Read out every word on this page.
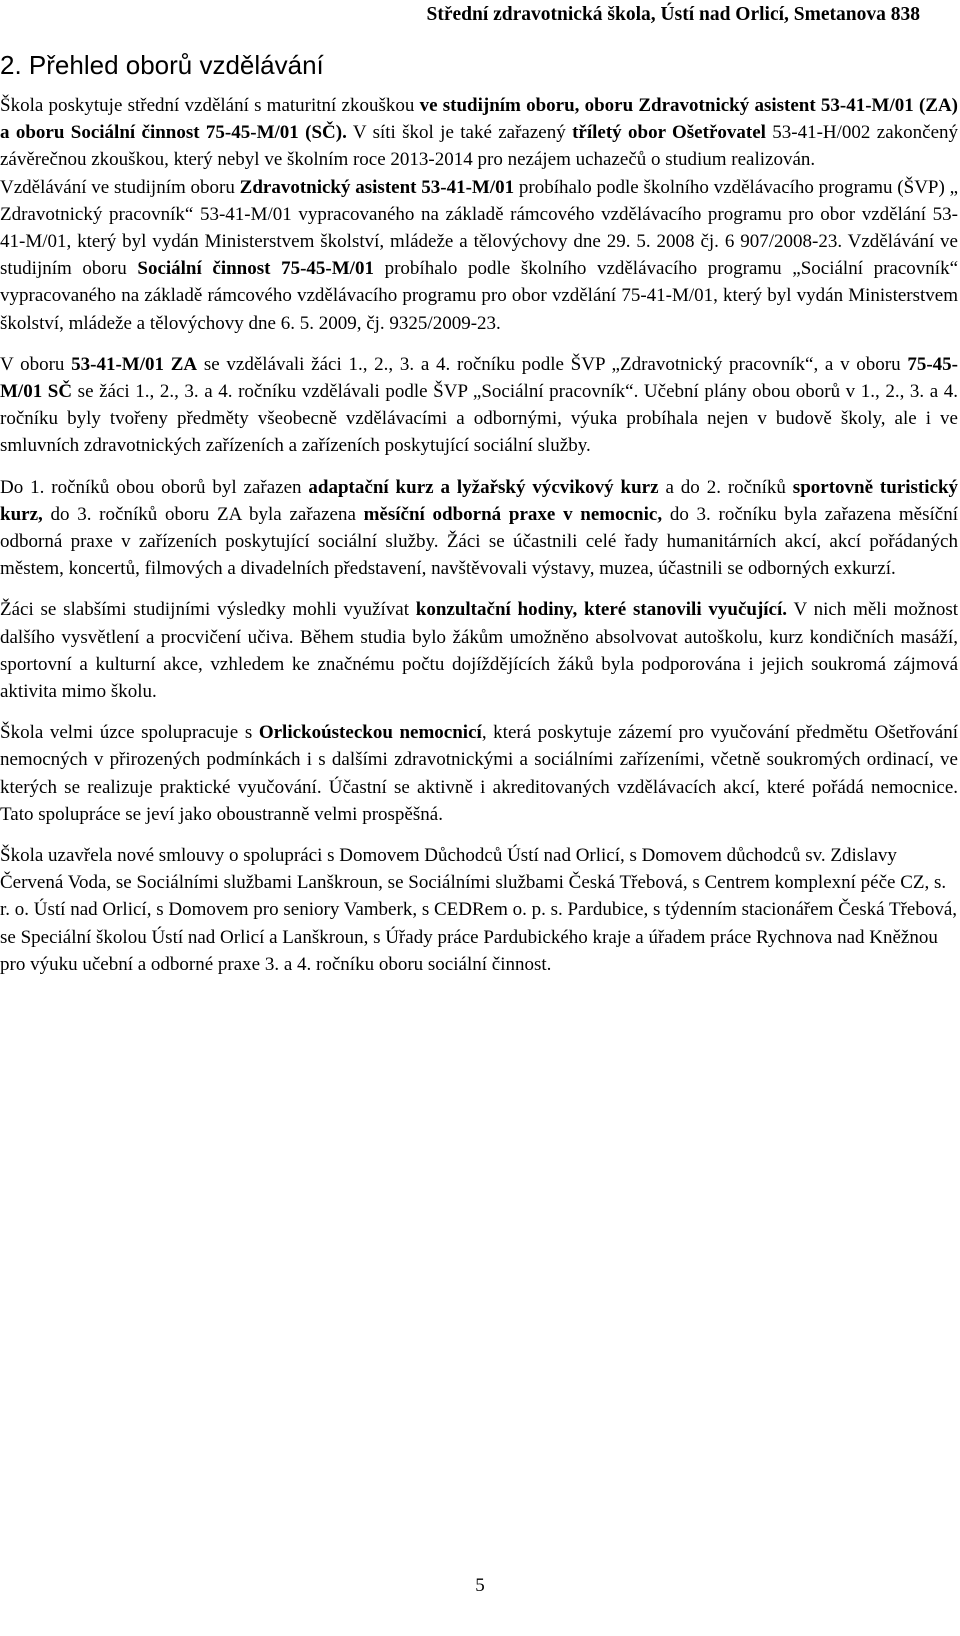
Střední zdravotnická škola, Ústí nad Orlicí, Smetanova 838
2. Přehled oborů vzdělávání

Škola poskytuje střední vzdělání s maturitní zkouškou ve studijním oboru, oboru Zdravotnický asistent 53-41-M/01 (ZA) a oboru Sociální činnost 75-45-M/01 (SČ). V síti škol je také zařazený tříletý obor Ošetřovatel 53-41-H/002 zakončený závěrečnou zkouškou, který nebyl ve školním roce 2013-2014 pro nezájem uchazečů o studium realizován.

Vzdělávání ve studijním oboru Zdravotnický asistent 53-41-M/01 probíhalo podle školního vzdělávacího programu (ŠVP) „ Zdravotnický pracovník“ 53-41-M/01 vypracovaného na základě rámcového vzdělávacího programu pro obor vzdělání 53-41-M/01, který byl vydán Ministerstvem školství, mládeže a tělovýchovy dne 29. 5. 2008 čj. 6 907/2008-23. Vzdělávání ve studijním oboru Sociální činnost 75-45-M/01 probíhalo podle školního vzdělávacího programu „Sociální pracovník“ vypracovaného na základě rámcového vzdělávacího programu pro obor vzdělání 75-41-M/01, který byl vydán Ministerstvem školství, mládeže a tělovýchovy dne 6. 5. 2009, čj. 9325/2009-23.

V oboru 53-41-M/01 ZA se vzdělávali žáci 1., 2., 3. a 4. ročníku podle ŠVP „Zdravotnický pracovník“, a v oboru 75-45-M/01 SČ se žáci 1., 2., 3. a 4. ročníku vzdělávali podle ŠVP „Sociální pracovník“. Učební plány obou oborů v 1., 2., 3. a 4. ročníku byly tvořeny předměty všeobecně vzdělávacími a odbornými, výuka probíhala nejen v budově školy, ale i ve smluvních zdravotnických zařízeních a zařízeních poskytující sociální služby.

Do 1. ročníků obou oborů byl zařazen adaptační kurz a lyžařský výcvikový kurz a do 2. ročníků sportovně turistický kurz, do 3. ročníků oboru ZA byla zařazena měsíční odborná praxe v nemocnic, do 3. ročníku byla zařazena měsíční odborná praxe v zařízeních poskytující sociální služby. Žáci se účastnili celé řady humanitárních akcí, akcí pořádaných městem, koncertů, filmových a divadelních představení, navštěvovali výstavy, muzea, účastnili se odborných exkurzí.

Žáci se slabšími studijními výsledky mohli využívat konzultační hodiny, které stanovili vyučující. V nich měli možnost dalšího vysvětlení a procvičení učiva. Během studia bylo žákům umožněno absolvovat autoškolu, kurz kondičních masáží, sportovní a kulturní akce, vzhledem ke značnému počtu dojíždějících žáků byla podporována i jejich soukromá zájmová aktivita mimo školu.

Škola velmi úzce spolupracuje s Orlickoústeckou nemocnicí, která poskytuje zázemí pro vyučování předmětu Ošetřování nemocných v přirozených podmínkách i s dalšími zdravotnickými a sociálními zařízeními, včetně soukromých ordinací, ve kterých se realizuje praktické vyučování. Účastní se aktivně i akreditovaných vzdělávacích akcí, které pořádá nemocnice. Tato spolupráce se jeví jako oboustranně velmi prospěšná.

Škola uzavřela nové smlouvy o spolupráci s Domovem Důchodců Ústí nad Orlicí, s Domovem důchodců sv. Zdislavy Červená Voda, se Sociálními službami Lanškroun, se Sociálními službami Česká Třebová, s Centrem komplexní péče CZ, s. r. o. Ústí nad Orlicí, s Domovem pro seniory Vamberk, s CEDRem o. p. s. Pardubice, s týdenním stacionářem Česká Třebová, se Speciální školou Ústí nad Orlicí a Lanškroun, s Úřady práce Pardubického kraje a úřadem práce Rychnova nad Kněžnou pro výuku učební a odborné praxe 3. a 4. ročníku oboru sociální činnost.

5
